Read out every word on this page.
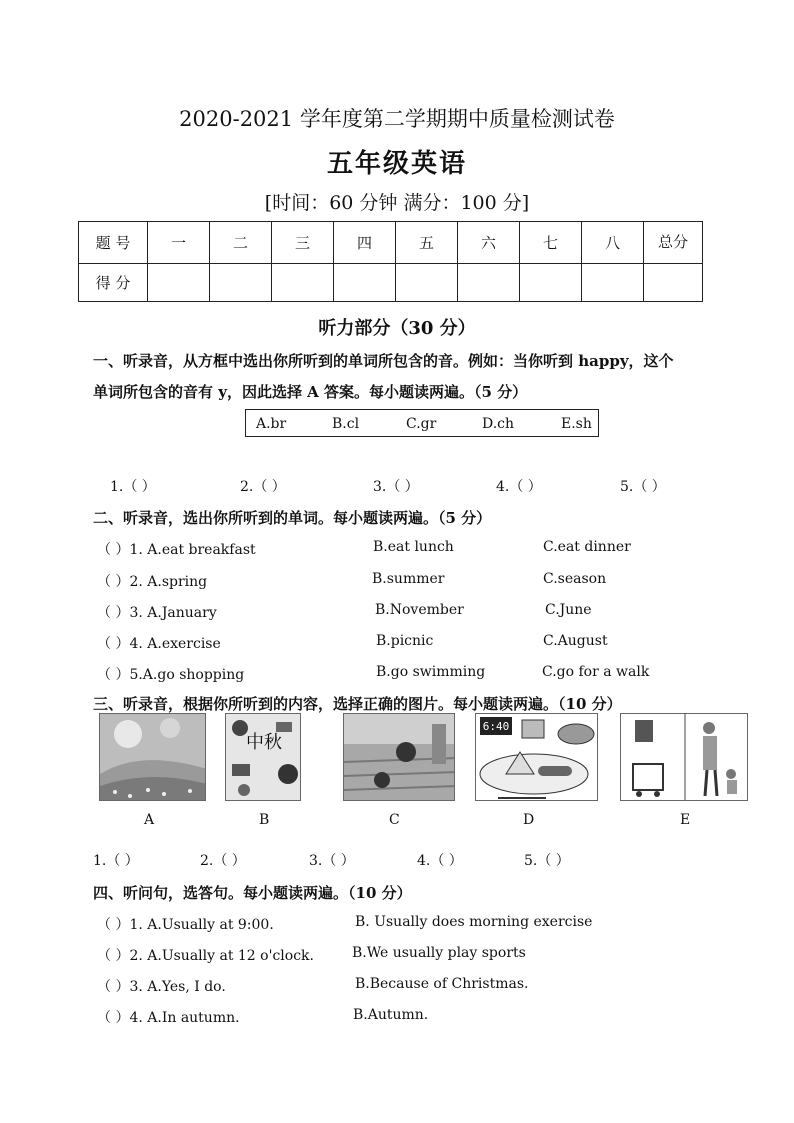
2020-2021 学年度第二学期期中质量检测试卷
五年级英语
[时间：60 分钟 满分：100 分]
题 号	一	二	三	四	五	六	七	八	总分
得 分									
听力部分（30 分）
一、听录音，从方框中选出你所听到的单词所包含的音。例如：当你听到 happy，这个
单词所包含的音有 y，因此选择 A 答案。每小题读两遍。（5 分）
A.br	B.cl	C.gr	D.ch	E.sh
1.（ ）	2.（ ）	3.（ ）	4.（ ）	5.（ ）
二、听录音，选出你所听到的单词。每小题读两遍。（5 分）
（ ）1. A.eat breakfast	B.eat lunch	C.eat dinner
（ ）2. A.spring	B.summer	C.season
（ ）3. A.January	B.November	C.June
（ ）4. A.exercise	B.picnic	C.August
（ ）5.A.go shopping	B.go swimming	C.go for a walk
三、听录音，根据你所听到的内容，选择正确的图片。每小题读两遍。（10 分）
中秋
6:40
A	B	C	D	E
1.（ ）	2.（ ）	3.（ ）	4.（ ）	5.（ ）
四、听问句，选答句。每小题读两遍。（10 分）
（ ）1. A.Usually at 9:00.	B. Usually does morning exercise
（ ）2. A.Usually at 12 o'clock.	B.We usually play sports
（ ）3. A.Yes, I do.	B.Because of Christmas.
（ ）4. A.In autumn.	B.Autumn.
